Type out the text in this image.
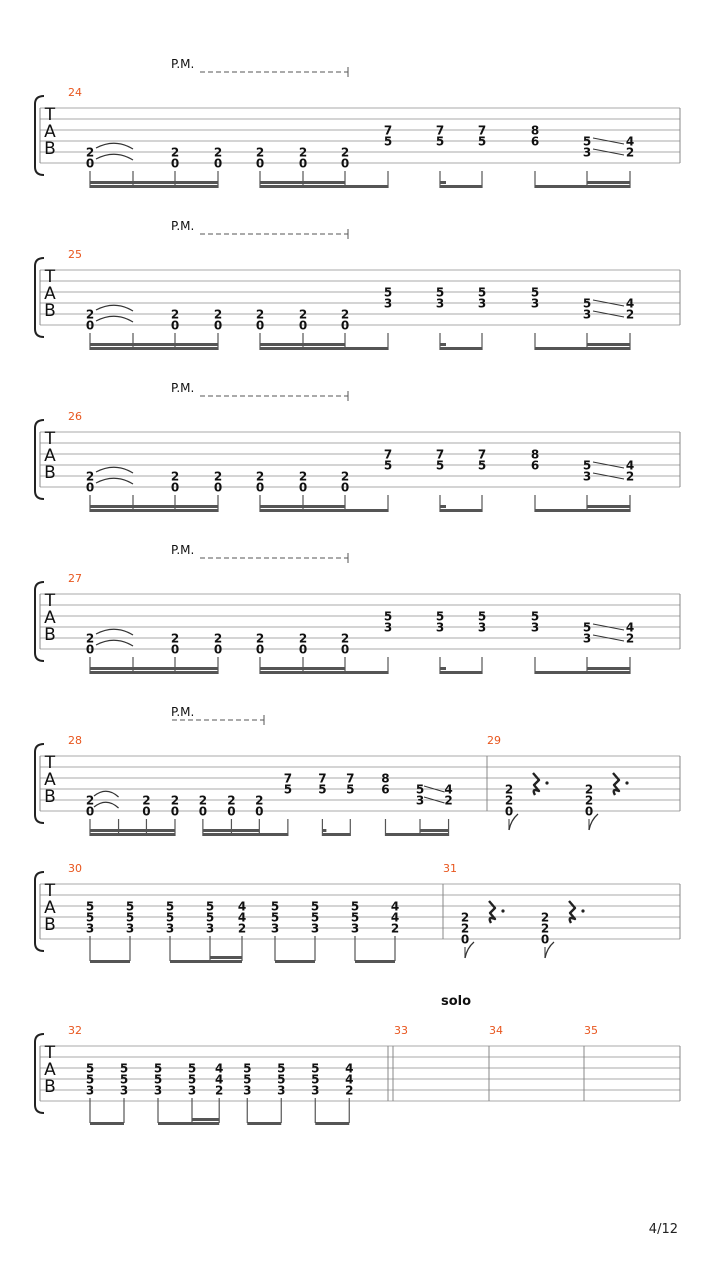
T
A
B
24
P.M.
2
0
2
0
2
0
2
0
2
0
2
0
7
5
7
5
7
5
8
6	5
3
4
2
T
A
B
25
P.M.
2
0
2
0
2
0
2
0
2
0
2
0
5
3
5
3
5
3
5
3	5
3
4
2
T
A
B
26
P.M.
2
0
2
0
2
0
2
0
2
0
2
0
7
5
7
5
7
5
8
6	5
3
4
2
T
A
B
27
P.M.
2
0
2
0
2
0
2
0
2
0
2
0
5
3
5
3
5
3
5
3	5
3
4
2
T
A
B
28
P.M.
2
0
2
0
2
0
2
0
2
0
2
0
7
5
7
5
7
5
8
6 5
3
4
2
29
2
2
0
2
2
0
T
A
B
30
5
5
3
5
5
3
5
5
3
5
5
3
4
4
2
5
5
3
5
5
3
5
5
3
4
4
2
31
2
2
0
2
2
0
T
A
B
32
5
5
3
5
5
3
5
5
3
5
5
3
4
4
2
5
5
3
5
5
3
5
5
3
4
4
2
33	34	35
solo
4/12
